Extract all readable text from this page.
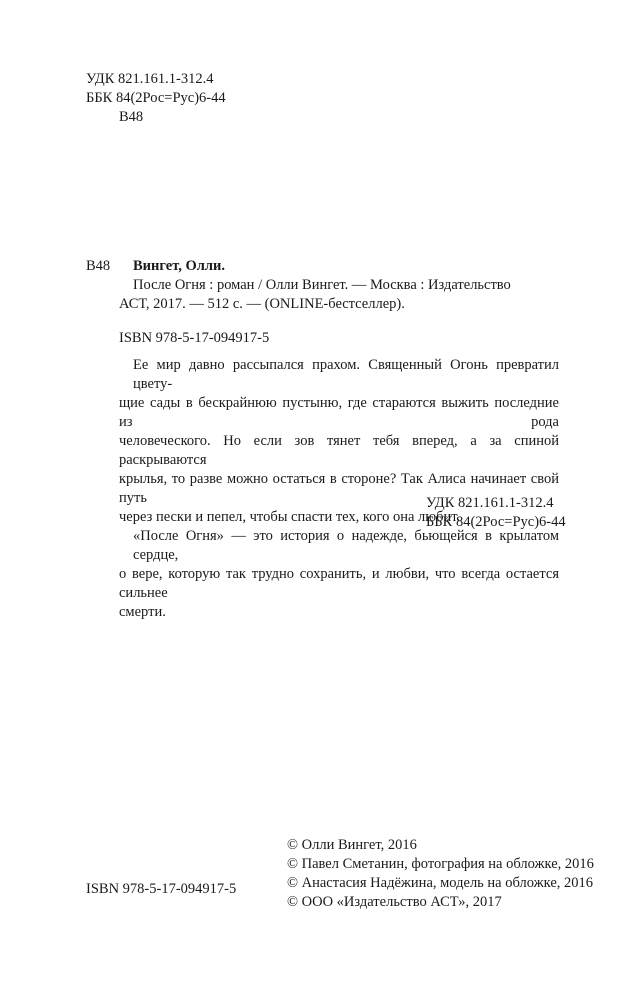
УДК 821.161.1-312.4
ББК 84(2Рос=Рус)6-44
В48
В48 Вингет, Олли.
После Огня : роман / Олли Вингет. — Москва : Издательство
АСТ, 2017. — 512 с. — (ONLINE-бестселлер).
ISBN 978-5-17-094917-5
Ее мир давно рассыпался прахом. Священный Огонь превратил цвету-
щие сады в бескрайнюю пустыню, где стараются выжить последние из рода
человеческого. Но если зов тянет тебя вперед, а за спиной раскрываются
крылья, то разве можно остаться в стороне? Так Алиса начинает свой путь
через пески и пепел, чтобы спасти тех, кого она любит.
«После Огня» — это история о надежде, бьющейся в крылатом сердце,
о вере, которую так трудно сохранить, и любви, что всегда остается сильнее
смерти.
УДК 821.161.1-312.4
ББК 84(2Рос=Рус)6-44
ISBN 978-5-17-094917-5
© Олли Вингет, 2016
© Павел Сметанин, фотография на обложке, 2016
© Анастасия Надёжина, модель на обложке, 2016
© ООО «Издательство АСТ», 2017
